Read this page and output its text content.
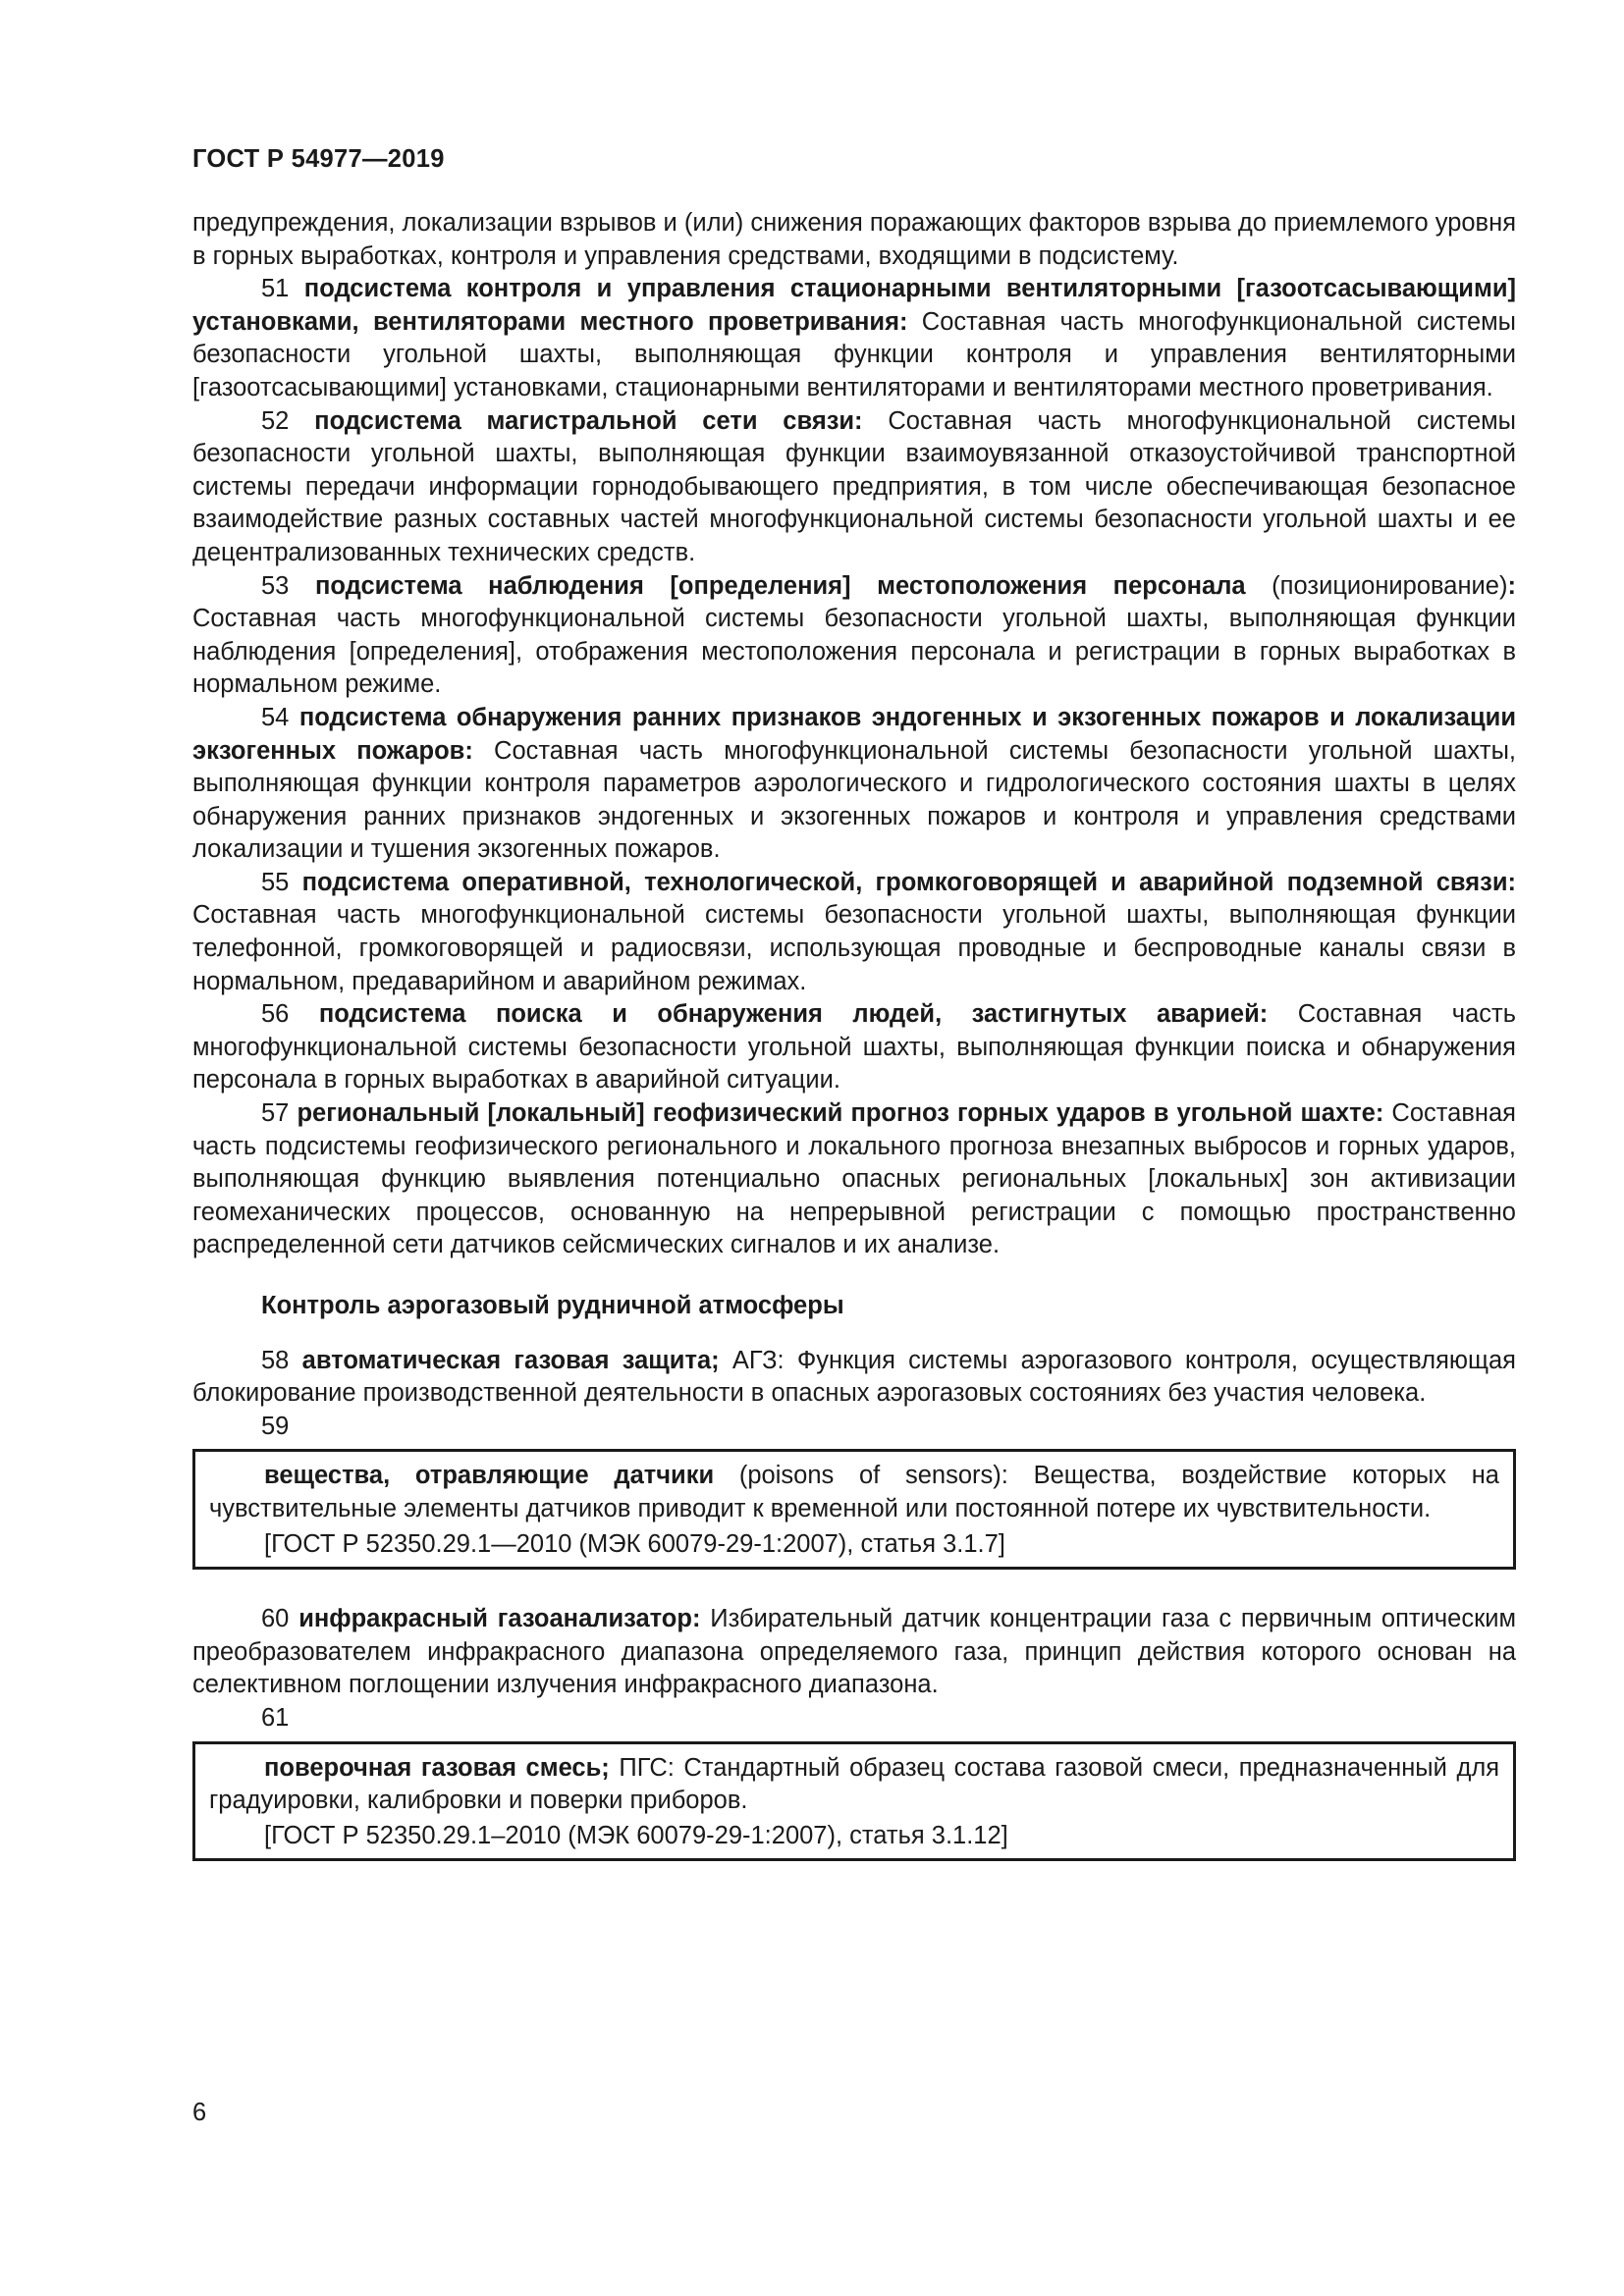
ГОСТ Р 54977—2019

предупреждения, локализации взрывов и (или) снижения поражающих факторов взрыва до приемлемого уровня в горных выработках, контроля и управления средствами, входящими в подсистему.

51 подсистема контроля и управления стационарными вентиляторными [газоотсасывающими] установками, вентиляторами местного проветривания: Составная часть многофункциональной системы безопасности угольной шахты, выполняющая функции контроля и управления вентиляторными [газоотсасывающими] установками, стационарными вентиляторами и вентиляторами местного проветривания.

52 подсистема магистральной сети связи: Составная часть многофункциональной системы безопасности угольной шахты, выполняющая функции взаимоувязанной отказоустойчивой транспортной системы передачи информации горнодобывающего предприятия, в том числе обеспечивающая безопасное взаимодействие разных составных частей многофункциональной системы безопасности угольной шахты и ее децентрализованных технических средств.

53 подсистема наблюдения [определения] местоположения персонала (позиционирование): Составная часть многофункциональной системы безопасности угольной шахты, выполняющая функции наблюдения [определения], отображения местоположения персонала и регистрации в горных выработках в нормальном режиме.

54 подсистема обнаружения ранних признаков эндогенных и экзогенных пожаров и локализации экзогенных пожаров: Составная часть многофункциональной системы безопасности угольной шахты, выполняющая функции контроля параметров аэрологического и гидрологического состояния шахты в целях обнаружения ранних признаков эндогенных и экзогенных пожаров и контроля и управления средствами локализации и тушения экзогенных пожаров.

55 подсистема оперативной, технологической, громкоговорящей и аварийной подземной связи: Составная часть многофункциональной системы безопасности угольной шахты, выполняющая функции телефонной, громкоговорящей и радиосвязи, использующая проводные и беспроводные каналы связи в нормальном, предаварийном и аварийном режимах.

56 подсистема поиска и обнаружения людей, застигнутых аварией: Составная часть многофункциональной системы безопасности угольной шахты, выполняющая функции поиска и обнаружения персонала в горных выработках в аварийной ситуации.

57 региональный [локальный] геофизический прогноз горных ударов в угольной шахте: Составная часть подсистемы геофизического регионального и локального прогноза внезапных выбросов и горных ударов, выполняющая функцию выявления потенциально опасных региональных [локальных] зон активизации геомеханических процессов, основанную на непрерывной регистрации с помощью пространственно распределенной сети датчиков сейсмических сигналов и их анализе.

Контроль аэрогазовый рудничной атмосферы

58 автоматическая газовая защита; АГЗ: Функция системы аэрогазового контроля, осуществляющая блокирование производственной деятельности в опасных аэрогазовых состояниях без участия человека.

59

вещества, отравляющие датчики (poisons of sensors): Вещества, воздействие которых на чувствительные элементы датчиков приводит к временной или постоянной потере их чувствительности.

[ГОСТ Р 52350.29.1—2010 (МЭК 60079-29-1:2007), статья 3.1.7]

60 инфракрасный газоанализатор: Избирательный датчик концентрации газа с первичным оптическим преобразователем инфракрасного диапазона определяемого газа, принцип действия которого основан на селективном поглощении излучения инфракрасного диапазона.

61

поверочная газовая смесь; ПГС: Стандартный образец состава газовой смеси, предназначенный для градуировки, калибровки и поверки приборов.

[ГОСТ Р 52350.29.1–2010 (МЭК 60079-29-1:2007), статья 3.1.12]

6
